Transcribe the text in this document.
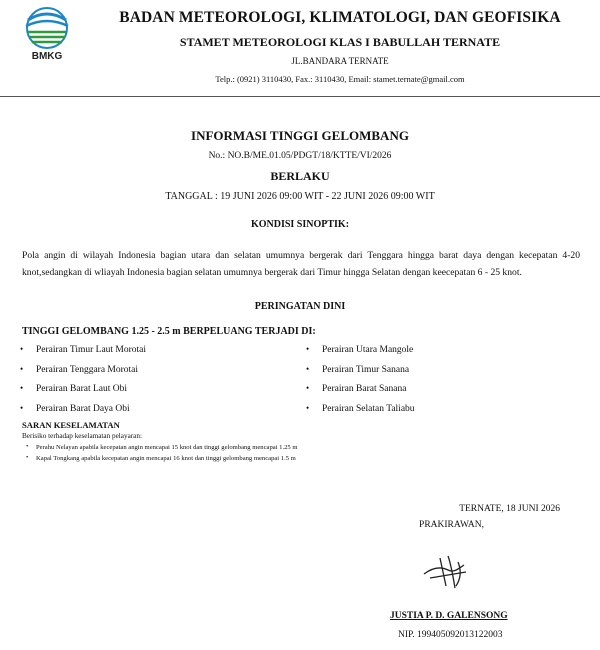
BMKG
BADAN METEOROLOGI, KLIMATOLOGI, DAN GEOFISIKA
STAMET METEOROLOGI KLAS I BABULLAH TERNATE
JL.BANDARA TERNATE
Telp.: (0921) 3110430, Fax.: 3110430, Email: stamet.ternate@gmail.com
INFORMASI TINGGI GELOMBANG
No.: NO.B/ME.01.05/PDGT/18/KTTE/VI/2026
BERLAKU
TANGGAL : 19 JUNI 2026 09:00 WIT - 22 JUNI 2026 09:00 WIT
KONDISI SINOPTIK:
Pola angin di wilayah Indonesia bagian utara dan selatan umumnya bergerak dari Tenggara hingga barat daya dengan kecepatan 4-20 knot,sedangkan di wliayah Indonesia bagian selatan umumnya bergerak dari Timur hingga Selatan dengan keecepatan 6 - 25 knot.
PERINGATAN DINI
TINGGI GELOMBANG 1.25 - 2.5 m BERPELUANG TERJADI DI:
• Perairan Timur Laut Morotai
• Perairan Tenggara Morotai
• Perairan Barat Laut Obi
• Perairan Barat Daya Obi
• Perairan Utara Mangole
• Perairan Timur Sanana
• Perairan Barat Sanana
• Perairan Selatan Taliabu
SARAN KESELAMATAN
Berisiko terhadap keselamatan pelayaran:
• Perahu Nelayan apabila kecepatan angin mencapai 15 knot dan tinggi gelombang mencapai 1.25 m
• Kapal Tongkang apabila kecepatan angin mencapai 16 knot dan tinggi gelombang mencapai 1.5 m
TERNATE, 18 JUNI 2026
PRAKIRAWAN,
JUSTIA P. D. GALENSONG
NIP. 199405092013122003
